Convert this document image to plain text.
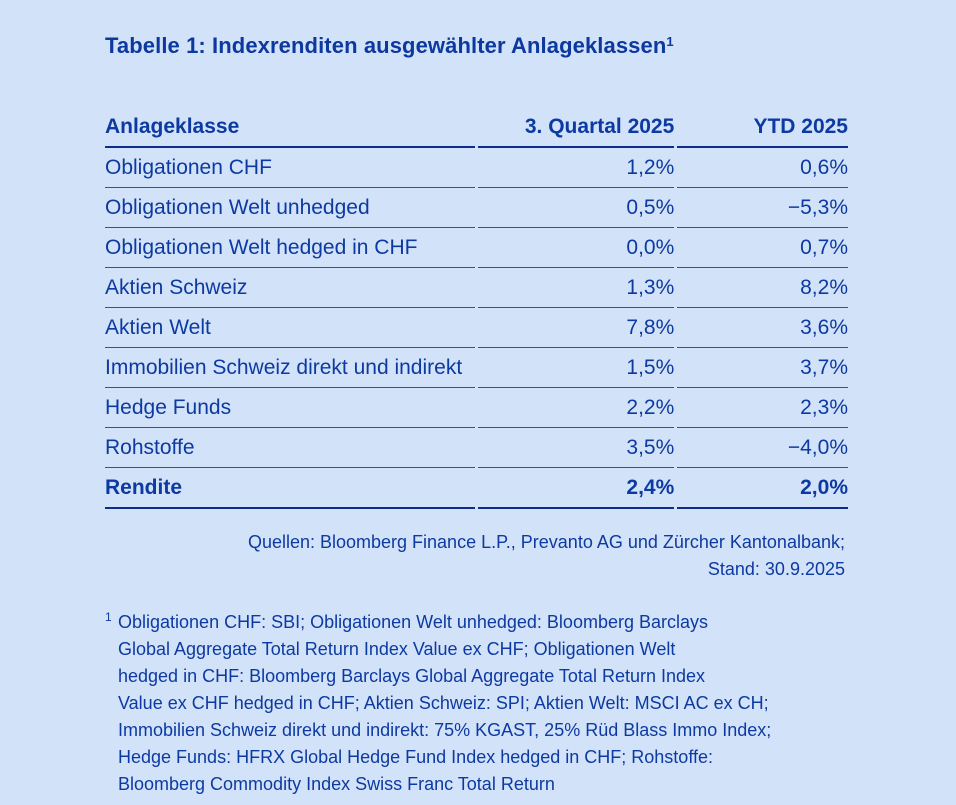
Tabelle 1: Indexrenditen ausgewählter Anlageklassen$^1$
Anlageklasse	3. Quartal 2025	YTD 2025
Obligationen CHF	1,2%	0,6%
Obligationen Welt unhedged	0,5%	−5,3%
Obligationen Welt hedged in CHF	0,0%	0,7%
Aktien Schweiz	1,3%	8,2%
Aktien Welt	7,8%	3,6%
Immobilien Schweiz direkt und indirekt	1,5%	3,7%
Hedge Funds	2,2%	2,3%
Rohstoffe	3,5%	−4,0%
Rendite	2,4%	2,0%
Quellen: Bloomberg Finance L.P., Prevanto AG und Zürcher Kantonalbank;
Stand: 30.9.2025
1 Obligationen CHF: SBI; Obligationen Welt unhedged: Bloomberg Barclays
Global Aggregate Total Return Index Value ex CHF; Obligationen Welt
hedged in CHF: Bloomberg Barclays Global Aggregate Total Return Index
Value ex CHF hedged in CHF; Aktien Schweiz: SPI; Aktien Welt: MSCI AC ex CH;
Immobilien Schweiz direkt und indirekt: 75% KGAST, 25% Rüd Blass Immo Index;
Hedge Funds: HFRX Global Hedge Fund Index hedged in CHF; Rohstoffe:
Bloomberg Commodity Index Swiss Franc Total Return
